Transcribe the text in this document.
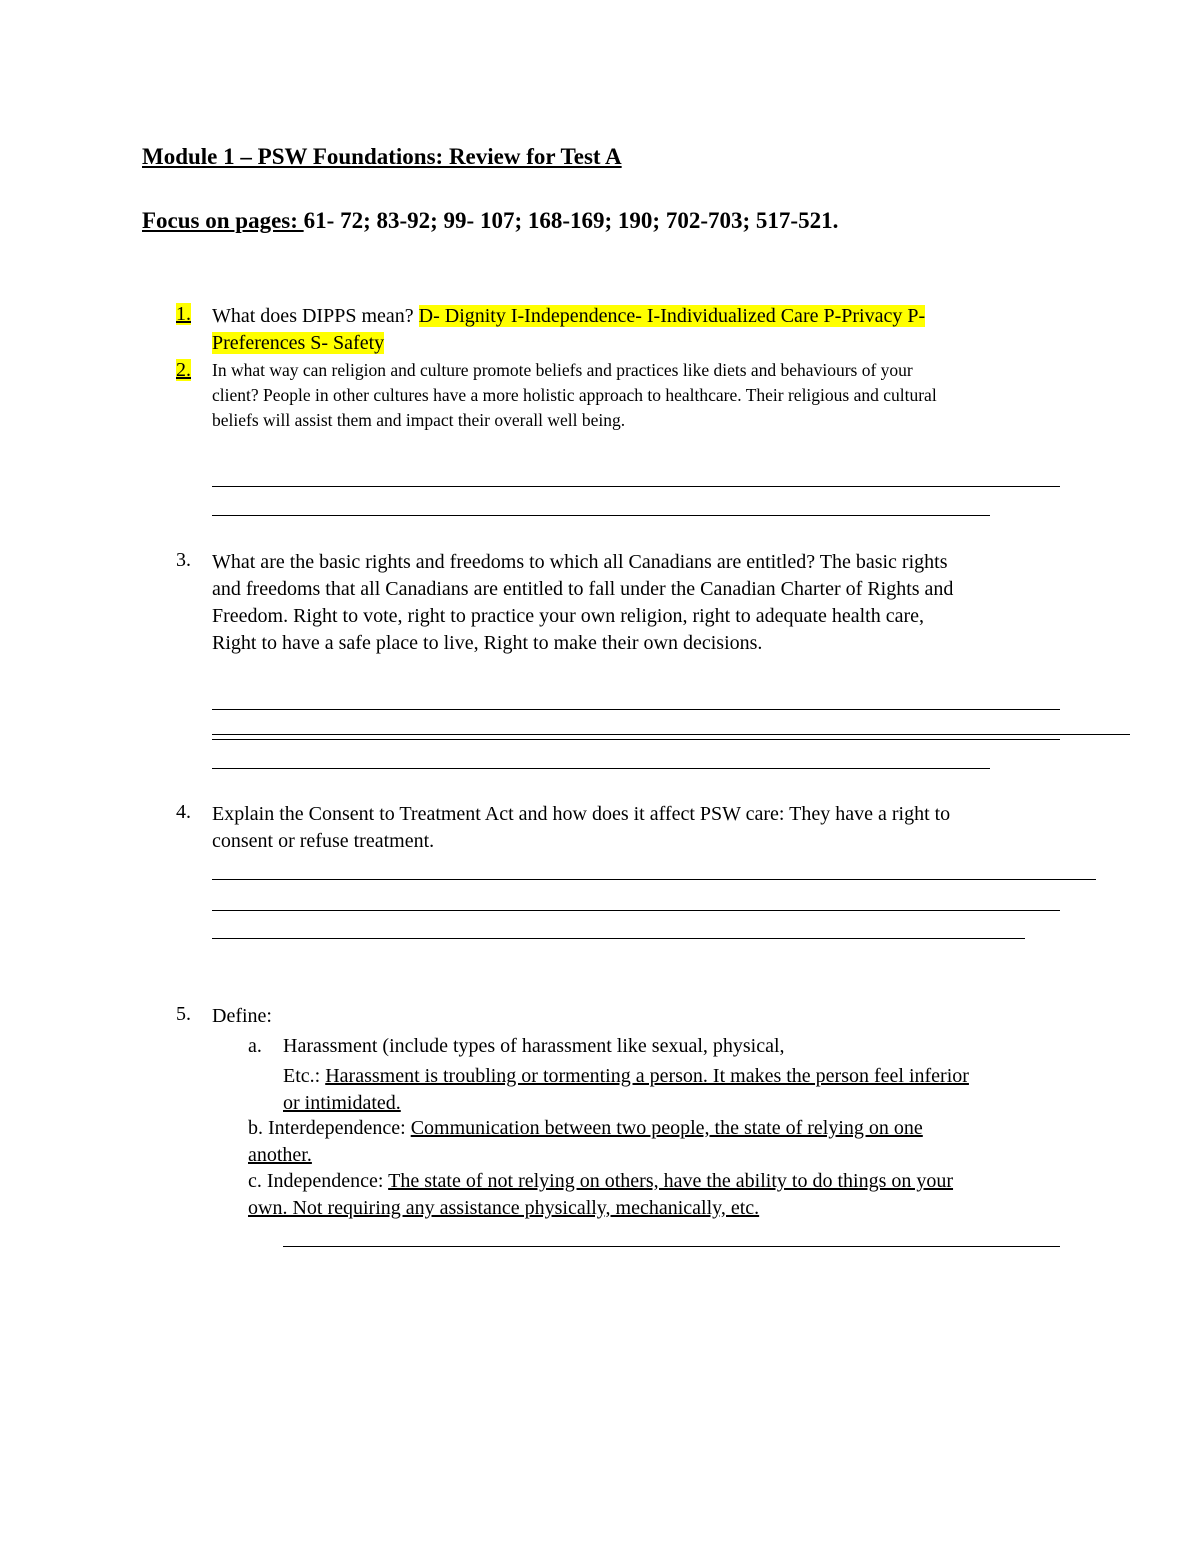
Module 1 – PSW Foundations: Review for Test A
Focus on pages: 61- 72; 83-92; 99- 107; 168-169; 190; 702-703; 517-521.
1.	What does DIPPS mean? D- Dignity I-Independence- I-Individualized Care P-Privacy P-
Preferences S- Safety
2.	In what way can religion and culture promote beliefs and practices like diets and behaviours of your
client? People in other cultures have a more holistic approach to healthcare. Their religious and cultural
beliefs will assist them and impact their overall well being.
3.	What are the basic rights and freedoms to which all Canadians are entitled? The basic rights
and freedoms that all Canadians are entitled to fall under the Canadian Charter of Rights and
Freedom. Right to vote, right to practice your own religion, right to adequate health care,
Right to have a safe place to live, Right to make their own decisions.
4.	Explain the Consent to Treatment Act and how does it affect PSW care: They have a right to
consent or refuse treatment.
5.	Define:
a. Harassment (include types of harassment like sexual, physical,
Etc.: Harassment is troubling or tormenting a person. It makes the person feel inferior
or intimidated.
b. Interdependence: Communication between two people, the state of relying on one
another.
c. Independence: The state of not relying on others, have the ability to do things on your
own. Not requiring any assistance physically, mechanically, etc.
